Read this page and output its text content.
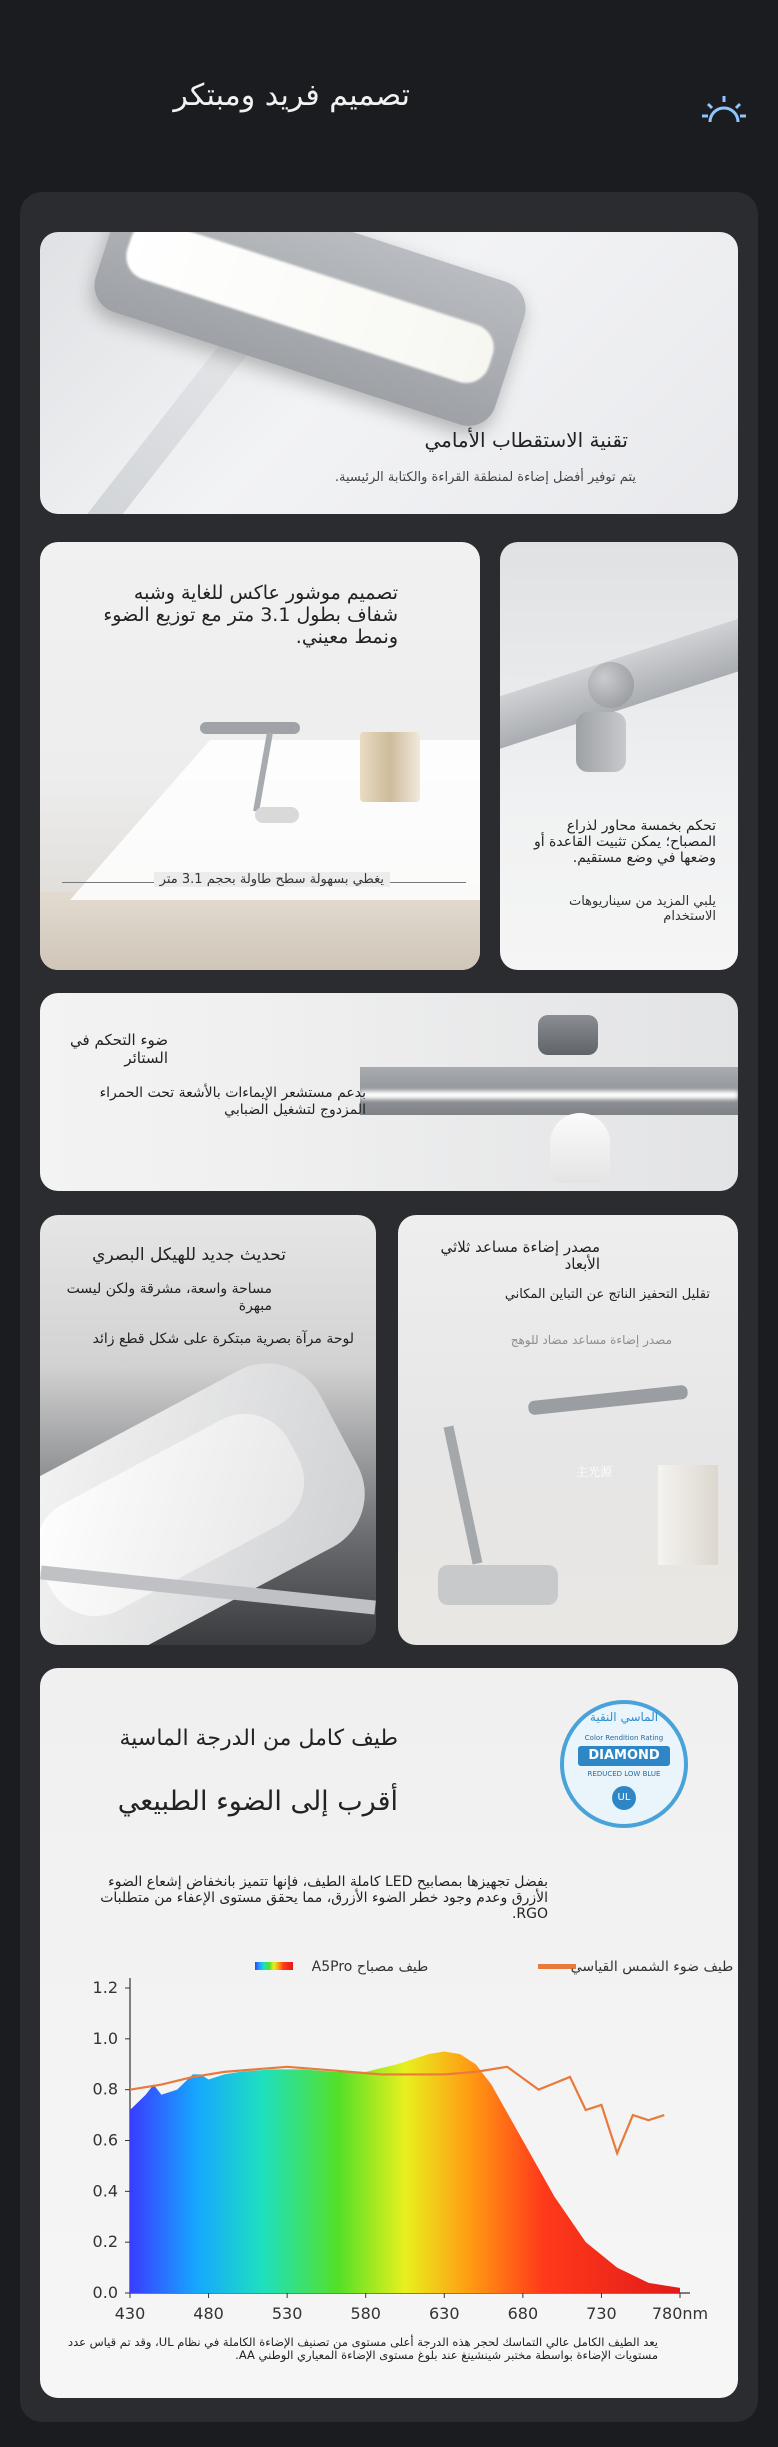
تصميم فريد ومبتكر
تقنية الاستقطاب الأمامي
يتم توفير أفضل إضاءة لمنطقة القراءة والكتابة الرئيسية.
تصميم موشور عاكس للغاية وشبه شفاف بطول 3.1 متر مع توزيع الضوء ونمط معيني.
يغطي بسهولة سطح طاولة بحجم 3.1 متر
تحكم بخمسة محاور لذراع المصباح؛ يمكن تثبيت القاعدة أو وضعها في وضع مستقيم.
يلبي المزيد من سيناريوهات الاستخدام
ضوء التحكم في الستائر
بدعم مستشعر الإيماءات بالأشعة تحت الحمراء المزدوج لتشغيل الضبابي
تحديث جديد للهيكل البصري
مساحة واسعة، مشرقة ولكن ليست مبهرة
لوحة مرآة بصرية مبتكرة على شكل قطع زائد
مصدر إضاءة مساعد ثلاثي الأبعاد
تقليل التحفيز الناتج عن التباين المكاني
مصدر إضاءة مساعد مضاد للوهج
主光源
طيف كامل من الدرجة الماسية
أقرب إلى الضوء الطبيعي
بفضل تجهيزها بمصابيح LED كاملة الطيف، فإنها تتميز بانخفاض إشعاع الضوء الأزرق وعدم وجود خطر الضوء الأزرق، مما يحقق مستوى الإعفاء من متطلبات RGO.
الماسي النقية
Color Rendition Rating
DIAMOND
REDUCED LOW BLUE
UL
0.0
0.2
0.4
0.6
0.8
1.0
1.2
430	480	530	580	630	680	730 780nm
طيف مصباح A5Pro	طيف ضوء الشمس القياسي
يعد الطيف الكامل عالي التماسك لحجر هذه الدرجة أعلى مستوى من تصنيف الإضاءة الكاملة في نظام UL، وقد تم قياس عدد مستويات الإضاءة بواسطة مختبر شينشينغ عند بلوغ مستوى الإضاءة المعياري الوطني AA.
